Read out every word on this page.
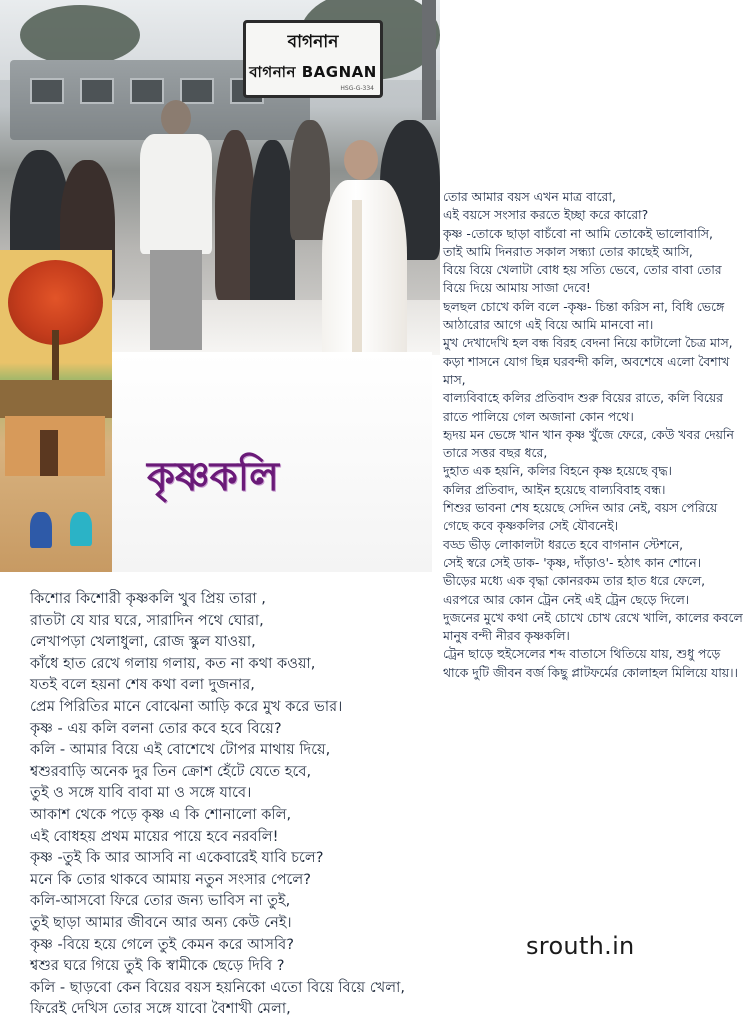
বাগনান
বাগনান BAGNAN
HSG-G-334
কৃষ্ণকলি
তোর আমার বয়স এখন মাত্র বারো,
এই বয়সে সংসার করতে ইচ্ছা করে কারো?
কৃষ্ণ -তোকে ছাড়া বাচঁবো না আমি তোকেই ভালোবাসি,
তাই আমি দিনরাত সকাল সন্ধ্যা তোর কাছেই আসি,
বিয়ে বিয়ে খেলাটা বোধ হয় সত্যি ভেবে, তোর বাবা তোর বিয়ে দিয়ে আমায় সাজা দেবে!
ছলছল চোখে কলি বলে -কৃষ্ণ- চিন্তা করিস না, বিধি ভেঙ্গে আঠারোর আগে এই বিয়ে আমি মানবো না।
মুখ দেখাদেখি হল বন্ধ বিরহ বেদনা নিয়ে কাটালো চৈত্র মাস,
কড়া শাসনে যোগ ছিন্ন ঘরবন্দী কলি, অবশেষে এলো বৈশাখ মাস,
বাল্যবিবাহে কলির প্রতিবাদ শুরু বিয়ের রাতে, কলি বিয়ের রাতে পালিয়ে গেল অজানা কোন পথে।
হৃদয় মন ভেঙ্গে খান খান কৃষ্ণ খুঁজে ফেরে, কেউ খবর দেয়নি তারে সত্তর বছর ধরে,
দুহাত এক হয়নি, কলির বিহনে কৃষ্ণ হয়েছে বৃদ্ধ।
কলির প্রতিবাদ, আইন হয়েছে বাল্যবিবাহ বন্ধ।
শিশুর ভাবনা শেষ হয়েছে সেদিন আর নেই, বয়স পেরিয়ে গেছে কবে কৃষ্ণকলির সেই যৌবনেই।
বড্ড ভীড় লোকালটা ধরতে হবে বাগনান স্টেশনে,
সেই স্বরে সেই ডাক- 'কৃষ্ণ, দাঁড়াও'- হঠাৎ কান শোনে।
ভীড়ের মধ্যে এক বৃদ্ধা কোনরকম তার হাত ধরে ফেলে,
এরপরে আর কোন ট্রেন নেই এই ট্রেন ছেড়ে দিলে।
দুজনের মুখে কথা নেই চোখে চোখ রেখে খালি, কালের কবলে মানুষ বন্দী নীরব কৃষ্ণকলি।
ট্রেন ছাড়ে হুইসেলের শব্দ বাতাসে থিতিয়ে যায়, শুধু পড়ে থাকে দুটি জীবন বর্জ কিছু প্লাটফর্মের কোলাহল মিলিয়ে যায়।।
srouth.in
কিশোর কিশোরী কৃষ্ণকলি খুব প্রিয় তারা ,
রাতটা যে যার ঘরে, সারাদিন পথে ঘোরা,
লেখাপড়া খেলাধুলা, রোজ স্কুল যাওয়া,
কাঁধে হাত রেখে গলায় গলায়, কত না কথা কওয়া,
যতই বলে হয়না শেষ কথা বলা দুজনার,
প্রেম পিরিতির মানে বোঝেনা আড়ি করে মুখ করে ভার।
কৃষ্ণ - এয় কলি বলনা তোর কবে হবে বিয়ে?
কলি - আমার বিয়ে এই বোশেখে টোপর মাথায় দিয়ে,
শ্বশুরবাড়ি অনেক দুর তিন ক্রোশ হেঁটে যেতে হবে,
তুই ও সঙ্গে যাবি বাবা মা ও সঙ্গে যাবে।
আকাশ থেকে পড়ে কৃষ্ণ এ কি শোনালো কলি,
এই বোধহয় প্রথম মায়ের পায়ে হবে নরবলি!
কৃষ্ণ -তুই কি আর আসবি না একেবারেই যাবি চলে?
মনে কি তোর থাকবে আমায় নতুন সংসার পেলে?
কলি-আসবো ফিরে তোর জন্য ভাবিস না তুই,
তুই ছাড়া আমার জীবনে আর অন্য কেউ নেই।
কৃষ্ণ -বিয়ে হয়ে গেলে তুই কেমন করে আসবি?
শ্বশুর ঘরে গিয়ে তুই কি স্বামীকে ছেড়ে দিবি ?
কলি - ছাড়বো কেন বিয়ের বয়স হয়নিকো এতো বিয়ে বিয়ে খেলা,
ফিরেই দেখিস তোর সঙ্গে যাবো বৈশাখী মেলা,
